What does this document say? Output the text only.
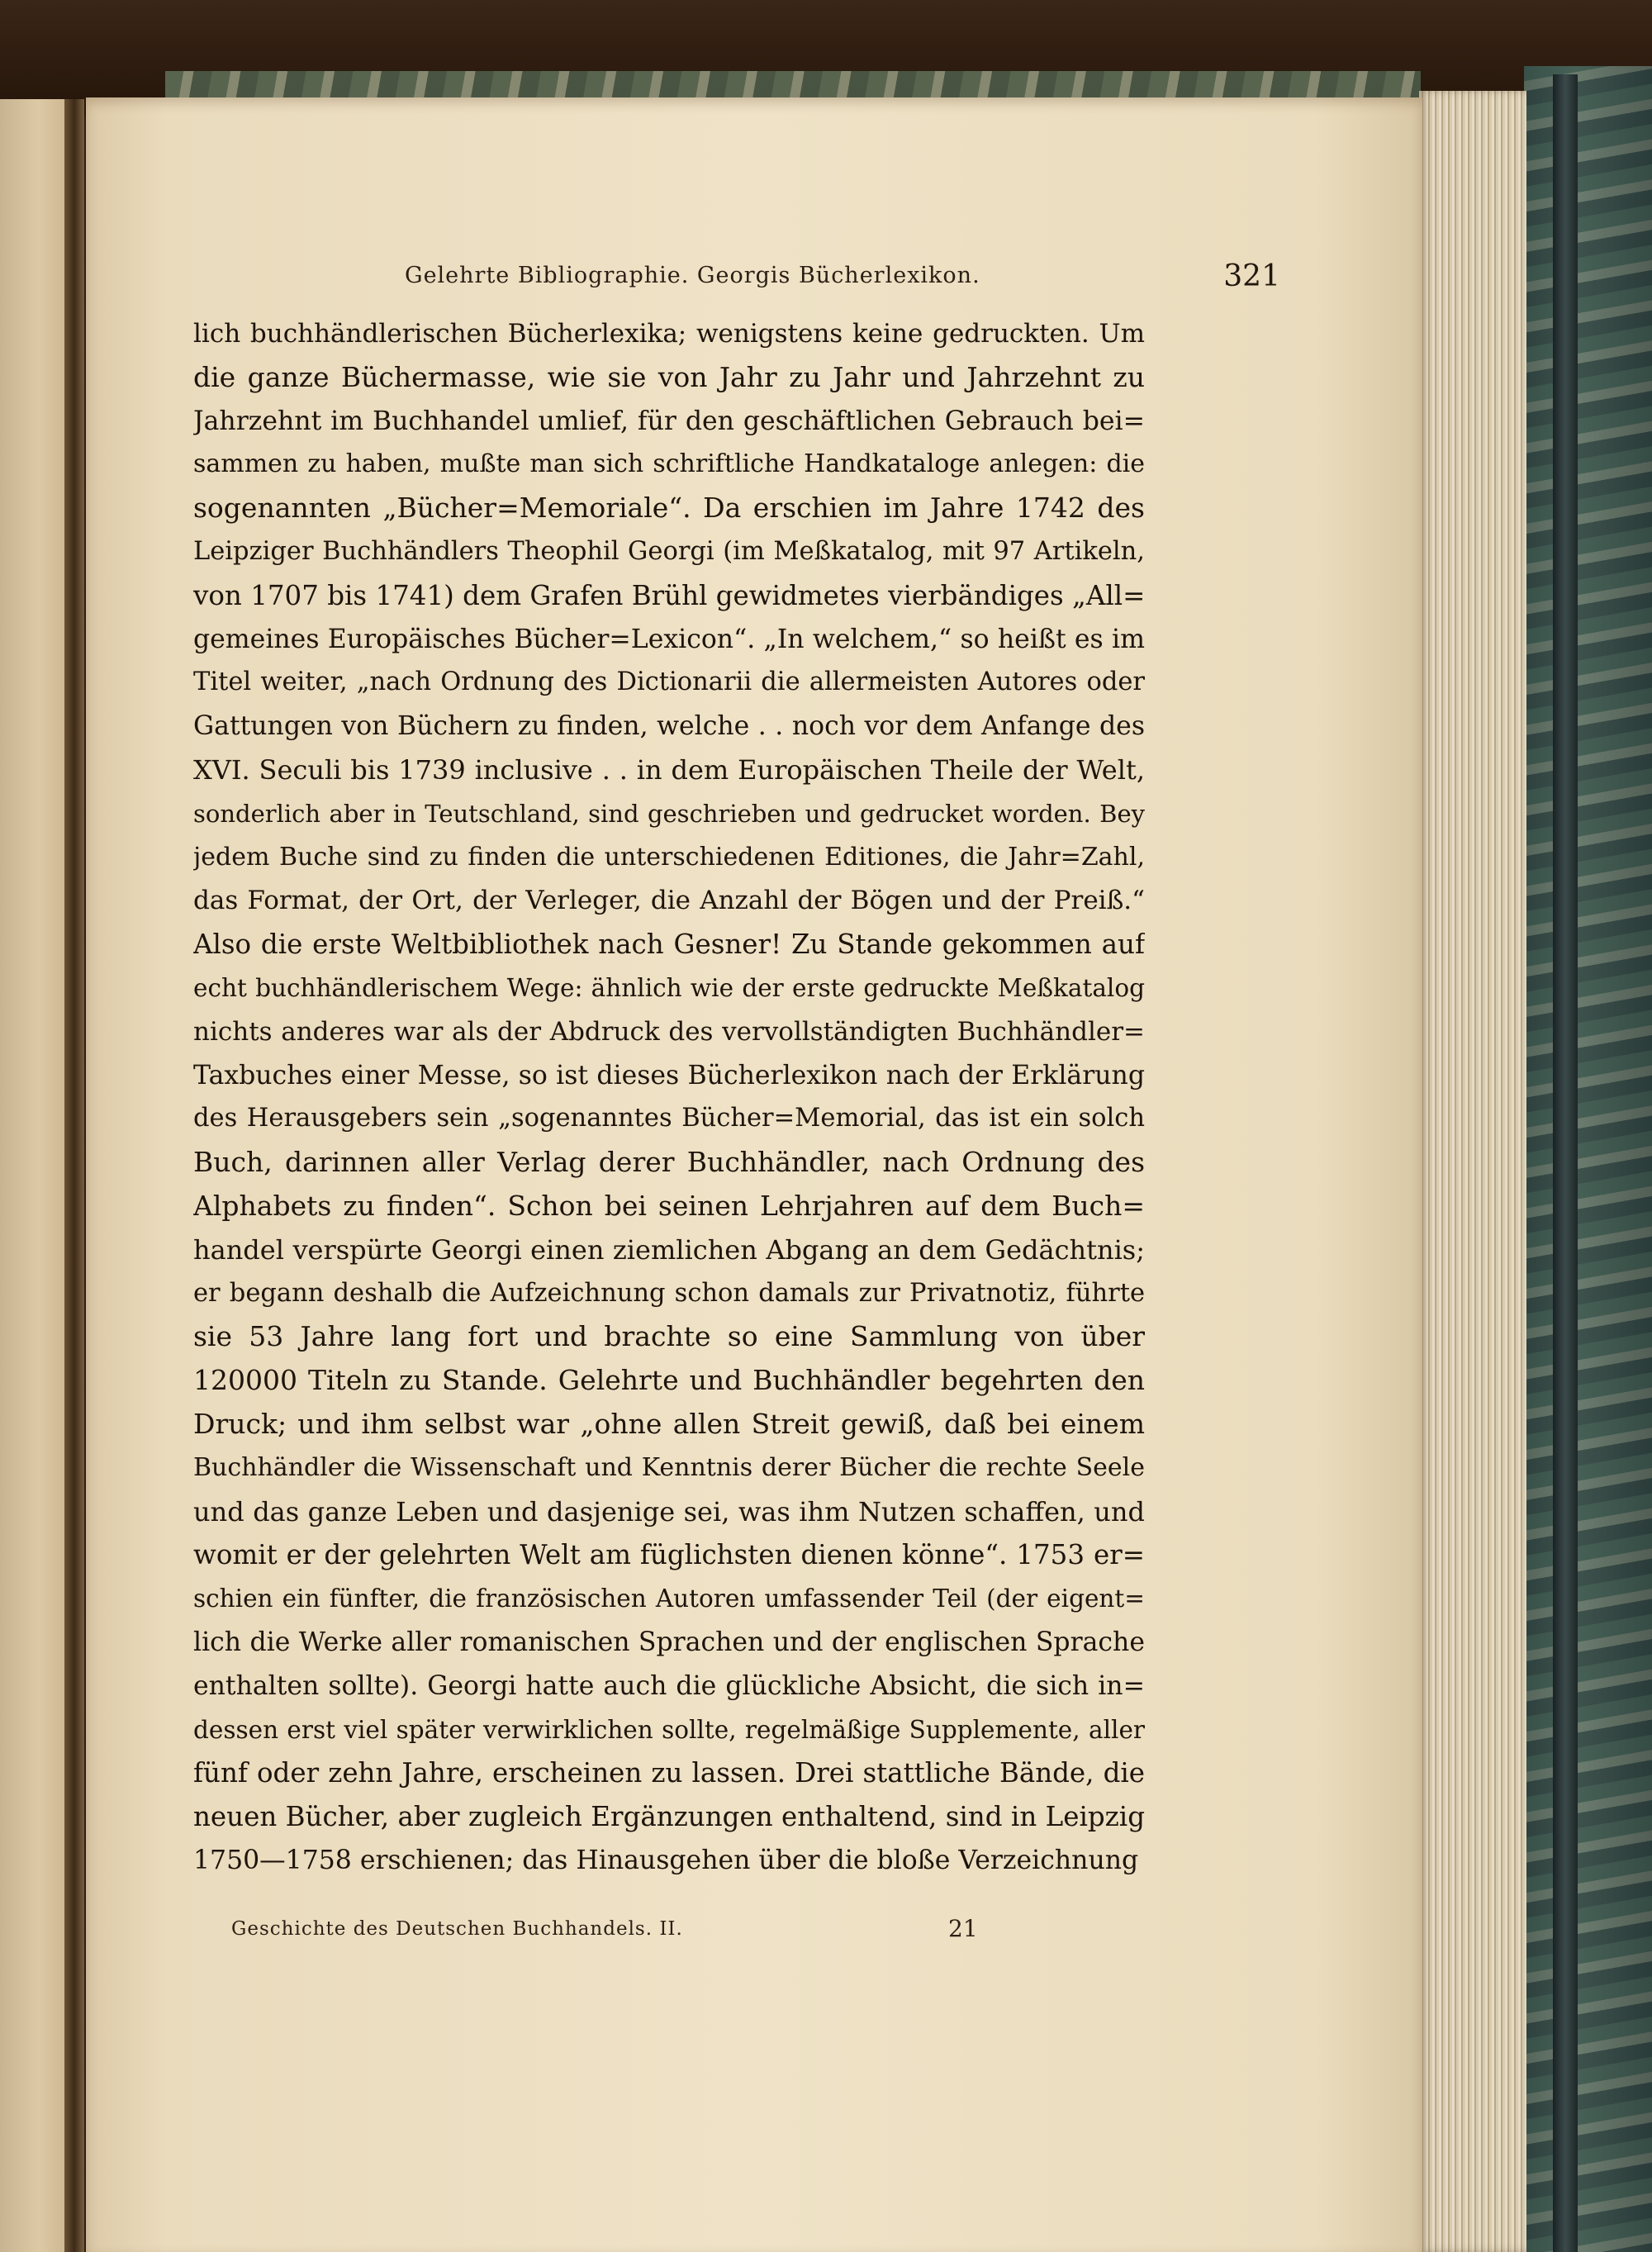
Gelehrte Bibliographie. Georgis Bücherlexikon.	321
lich buchhändlerischen Bücherlexika; wenigstens keine gedruckten. Um
die ganze Büchermasse, wie sie von Jahr zu Jahr und Jahrzehnt zu
Jahrzehnt im Buchhandel umlief, für den geschäftlichen Gebrauch bei=
sammen zu haben, mußte man sich schriftliche Handkataloge anlegen: die
sogenannten „Bücher=Memoriale“. Da erschien im Jahre 1742 des
Leipziger Buchhändlers Theophil Georgi (im Meßkatalog, mit 97 Artikeln,
von 1707 bis 1741) dem Grafen Brühl gewidmetes vierbändiges „All=
gemeines Europäisches Bücher=Lexicon“. „In welchem,“ so heißt es im
Titel weiter, „nach Ordnung des Dictionarii die allermeisten Autores oder
Gattungen von Büchern zu finden, welche . . noch vor dem Anfange des
XVI. Seculi bis 1739 inclusive . . in dem Europäischen Theile der Welt,
sonderlich aber in Teutschland, sind geschrieben und gedrucket worden. Bey
jedem Buche sind zu finden die unterschiedenen Editiones, die Jahr=Zahl,
das Format, der Ort, der Verleger, die Anzahl der Bögen und der Preiß.“
Also die erste Weltbibliothek nach Gesner! Zu Stande gekommen auf
echt buchhändlerischem Wege: ähnlich wie der erste gedruckte Meßkatalog
nichts anderes war als der Abdruck des vervollständigten Buchhändler=
Taxbuches einer Messe, so ist dieses Bücherlexikon nach der Erklärung
des Herausgebers sein „sogenanntes Bücher=Memorial, das ist ein solch
Buch, darinnen aller Verlag derer Buchhändler, nach Ordnung des
Alphabets zu finden“. Schon bei seinen Lehrjahren auf dem Buch=
handel verspürte Georgi einen ziemlichen Abgang an dem Gedächtnis;
er begann deshalb die Aufzeichnung schon damals zur Privatnotiz, führte
sie 53 Jahre lang fort und brachte so eine Sammlung von über
120000 Titeln zu Stande. Gelehrte und Buchhändler begehrten den
Druck; und ihm selbst war „ohne allen Streit gewiß, daß bei einem
Buchhändler die Wissenschaft und Kenntnis derer Bücher die rechte Seele
und das ganze Leben und dasjenige sei, was ihm Nutzen schaffen, und
womit er der gelehrten Welt am füglichsten dienen könne“. 1753 er=
schien ein fünfter, die französischen Autoren umfassender Teil (der eigent=
lich die Werke aller romanischen Sprachen und der englischen Sprache
enthalten sollte). Georgi hatte auch die glückliche Absicht, die sich in=
dessen erst viel später verwirklichen sollte, regelmäßige Supplemente, aller
fünf oder zehn Jahre, erscheinen zu lassen. Drei stattliche Bände, die
neuen Bücher, aber zugleich Ergänzungen enthaltend, sind in Leipzig
1750—1758 erschienen; das Hinausgehen über die bloße Verzeichnung
Geschichte des Deutschen Buchhandels. II.	21
